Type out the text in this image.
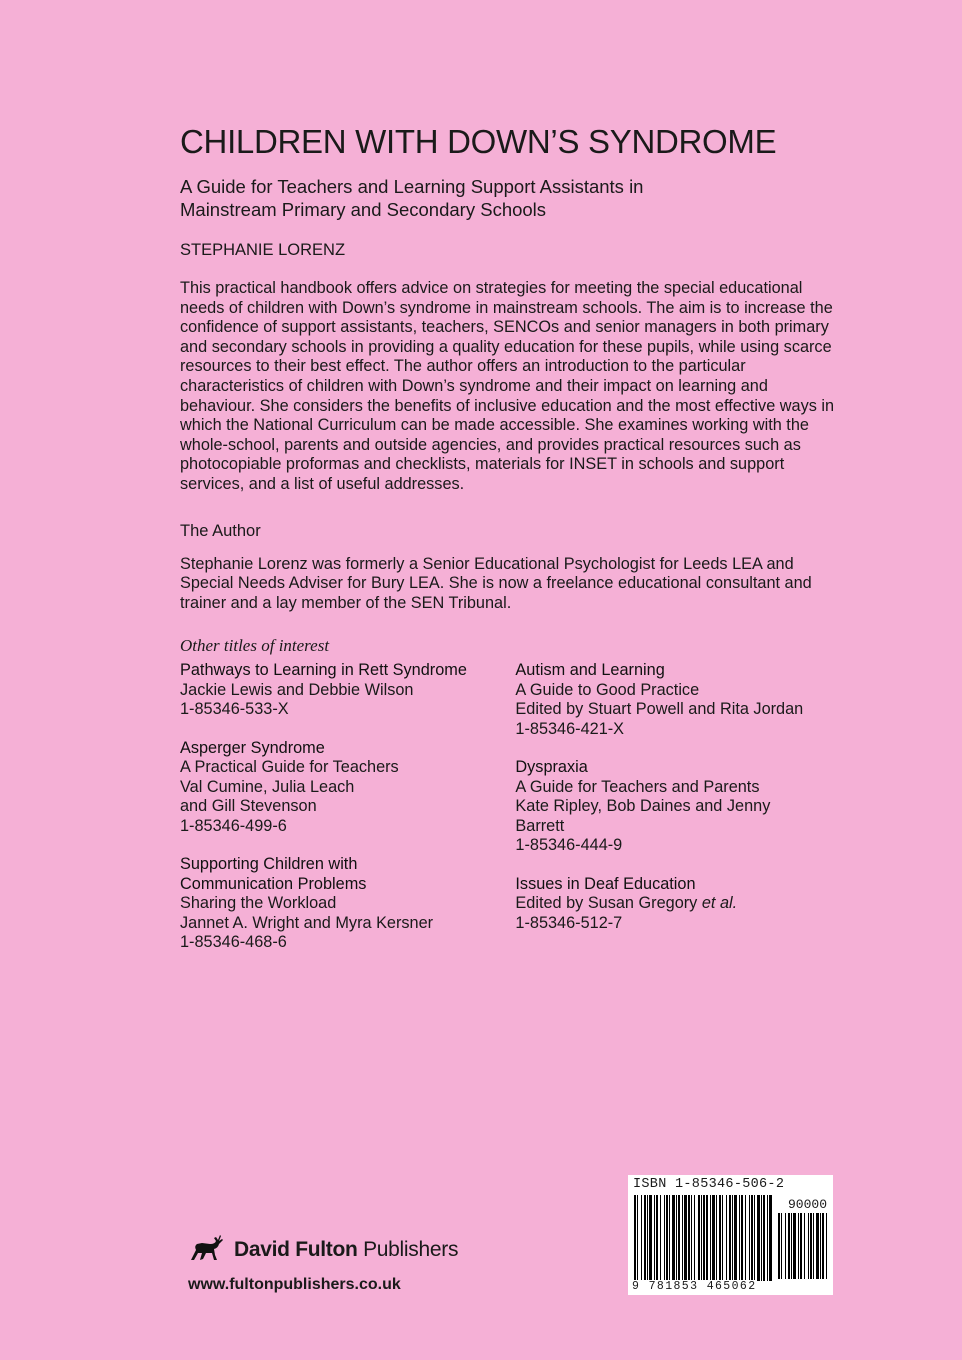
CHILDREN WITH DOWN’S SYNDROME
A Guide for Teachers and Learning Support Assistants in
Mainstream Primary and Secondary Schools
STEPHANIE LORENZ
This practical handbook offers advice on strategies for meeting the special educational needs of children with Down’s syndrome in mainstream schools. The aim is to increase the confidence of support assistants, teachers, SENCOs and senior managers in both primary and secondary schools in providing a quality education for these pupils, while using scarce resources to their best effect. The author offers an introduction to the particular characteristics of children with Down’s syndrome and their impact on learning and behaviour. She considers the benefits of inclusive education and the most effective ways in which the National Curriculum can be made accessible. She examines working with the whole-school, parents and outside agencies, and provides practical resources such as photocopiable proformas and checklists, materials for INSET in schools and support services, and a list of useful addresses.
The Author
Stephanie Lorenz was formerly a Senior Educational Psychologist for Leeds LEA and Special Needs Adviser for Bury LEA. She is now a freelance educational consultant and trainer and a lay member of the SEN Tribunal.
Other titles of interest
Pathways to Learning in Rett Syndrome
Jackie Lewis and Debbie Wilson
1-85346-533-X
Asperger Syndrome
A Practical Guide for Teachers
Val Cumine, Julia Leach
and Gill Stevenson
1-85346-499-6
Supporting Children with
Communication Problems
Sharing the Workload
Jannet A. Wright and Myra Kersner
1-85346-468-6
Autism and Learning
A Guide to Good Practice
Edited by Stuart Powell and Rita Jordan
1-85346-421-X
Dyspraxia
A Guide for Teachers and Parents
Kate Ripley, Bob Daines and Jenny
Barrett
1-85346-444-9
Issues in Deaf Education
Edited by Susan Gregory et al.
1-85346-512-7
David Fulton Publishers
www.fultonpublishers.co.uk
ISBN 1-85346-506-2
90000
9 781853 465062
